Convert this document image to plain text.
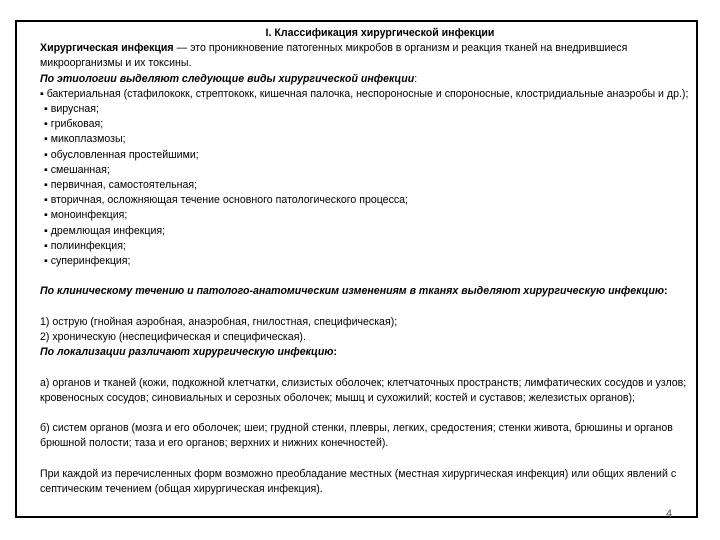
I. Классификация хирургической инфекции

Хирургическая инфекция — это проникновение патогенных микробов в организм и реакция тканей на внедрившиеся микроорганизмы и их токсины.

По этиологии выделяют следующие виды хирургической инфекции:

▪ бактериальная (стафилококк, стрептококк, кишечная палочка, неспороносные и спороносные, клостридиальные анаэробы и др.);

▪ вирусная;

▪ грибковая;

▪ микоплазмозы;

▪ обусловленная простейшими;

▪ смешанная;

▪ первичная, самостоятельная;

▪ вторичная, осложняющая течение основного патологического процесса;

▪ моноинфекция;

▪ дремлющая инфекция;

▪ полиинфекция;

▪ суперинфекция;

По клиническому течению и патолого-анатомическим изменениям в тканях выделяют хирургическую инфекцию:

1) острую (гнойная аэробная, анаэробная, гнилостная, специфическая);

2) хроническую (неспецифическая и специфическая).

По локализации различают хирургическую инфекцию:

а) органов и тканей (кожи, подкожной клетчатки, слизистых оболочек; клетчаточных пространств; лимфатических сосудов и узлов; кровеносных сосудов; синовиальных и серозных оболочек; мышц и сухожилий; костей и суставов; железистых органов);

б) систем органов (мозга и его оболочек; шеи; грудной стенки, плевры, легких, средостения; стенки живота, брюшины и органов брюшной полости; таза и его органов; верхних и нижних конечностей).

При каждой из перечисленных форм возможно преобладание местных (местная хирургическая инфекция) или общих явлений с септическим течением (общая хирургическая инфекция).

4
